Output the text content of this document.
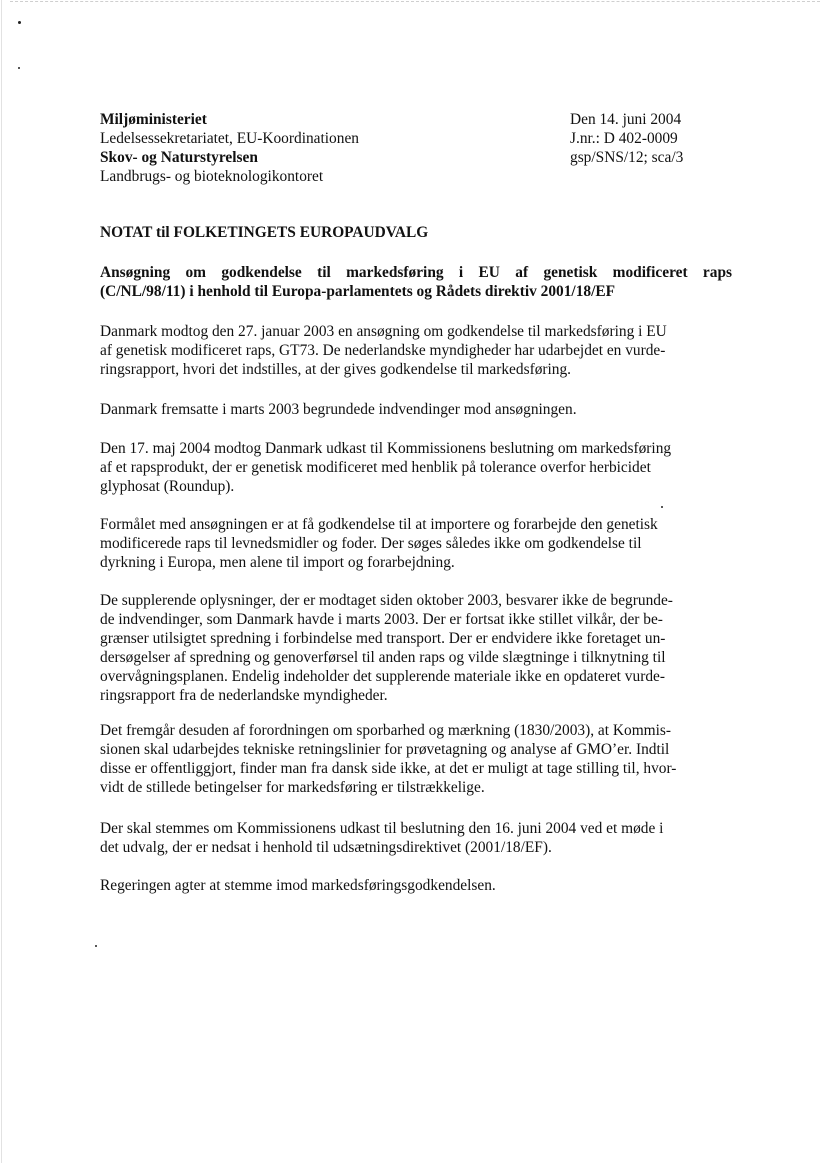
Miljøministeriet
Ledelsessekretariatet, EU-Koordinationen
Skov- og Naturstyrelsen
Landbrugs- og bioteknologikontoret
Den 14. juni 2004
J.nr.: D 402-0009
gsp/SNS/12; sca/3
NOTAT til FOLKETINGETS EUROPAUDVALG
Ansøgning om godkendelse til markedsføring i EU af genetisk modificeret raps
(C/NL/98/11) i henhold til Europa-parlamentets og Rådets direktiv 2001/18/EF
Danmark modtog den 27. januar 2003 en ansøgning om godkendelse til markedsføring i EU
af genetisk modificeret raps, GT73. De nederlandske myndigheder har udarbejdet en vurde-
ringsrapport, hvori det indstilles, at der gives godkendelse til markedsføring.
Danmark fremsatte i marts 2003 begrundede indvendinger mod ansøgningen.
Den 17. maj 2004 modtog Danmark udkast til Kommissionens beslutning om markedsføring
af et rapsprodukt, der er genetisk modificeret med henblik på tolerance overfor herbicidet
glyphosat (Roundup).
Formålet med ansøgningen er at få godkendelse til at importere og forarbejde den genetisk
modificerede raps til levnedsmidler og foder. Der søges således ikke om godkendelse til
dyrkning i Europa, men alene til import og forarbejdning.
De supplerende oplysninger, der er modtaget siden oktober 2003, besvarer ikke de begrunde-
de indvendinger, som Danmark havde i marts 2003. Der er fortsat ikke stillet vilkår, der be-
grænser utilsigtet spredning i forbindelse med transport. Der er endvidere ikke foretaget un-
dersøgelser af spredning og genoverførsel til anden raps og vilde slægtninge i tilknytning til
overvågningsplanen. Endelig indeholder det supplerende materiale ikke en opdateret vurde-
ringsrapport fra de nederlandske myndigheder.
Det fremgår desuden af forordningen om sporbarhed og mærkning (1830/2003), at Kommis-
sionen skal udarbejdes tekniske retningslinier for prøvetagning og analyse af GMO’er. Indtil
disse er offentliggjort, finder man fra dansk side ikke, at det er muligt at tage stilling til, hvor-
vidt de stillede betingelser for markedsføring er tilstrækkelige.
Der skal stemmes om Kommissionens udkast til beslutning den 16. juni 2004 ved et møde i
det udvalg, der er nedsat i henhold til udsætningsdirektivet (2001/18/EF).
Regeringen agter at stemme imod markedsføringsgodkendelsen.
